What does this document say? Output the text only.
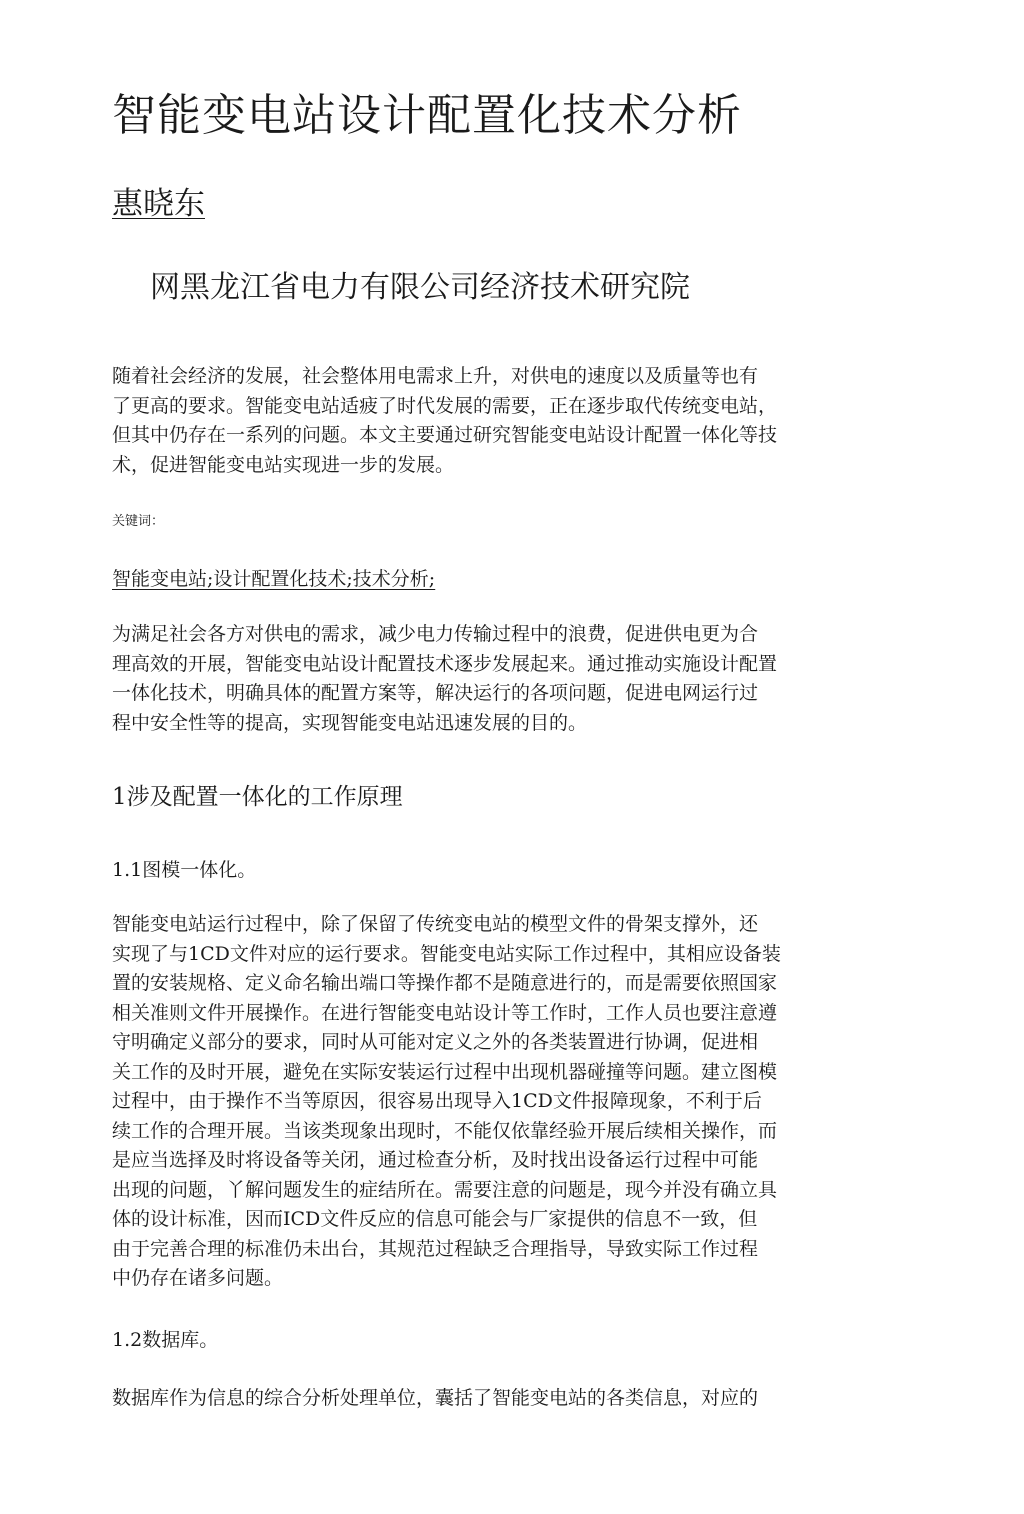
智能变电站设计配置化技术分析
惠晓东
网黑龙江省电力有限公司经济技术研究院

随着社会经济的发展，社会整体用电需求上升，对供电的速度以及质量等也有
了更高的要求。智能变电站适疲了时代发展的需要，正在逐步取代传统变电站，
但其中仍存在一系列的问题。本文主要通过研究智能变电站设计配置一体化等技
术，促进智能变电站实现进一步的发展。

关键词：
智能变电站;设计配置化技术;技术分析;

为满足社会各方对供电的需求，减少电力传输过程中的浪费，促进供电更为合
理高效的开展，智能变电站设计配置技术逐步发展起来。通过推动实施设计配置
一体化技术，明确具体的配置方案等，解决运行的各项问题，促进电网运行过
程中安全性等的提高，实现智能变电站迅速发展的目的。

1涉及配置一体化的工作原理
1.1图模一体化。

智能变电站运行过程中，除了保留了传统变电站的模型文件的骨架支撑外，还
实现了与1CD文件对应的运行要求。智能变电站实际工作过程中，其相应设备装
置的安装规格、定义命名输出端口等操作都不是随意进行的，而是需要依照国家
相关准则文件开展操作。在进行智能变电站设计等工作时，工作人员也要注意遵
守明确定义部分的要求，同时从可能对定义之外的各类装置进行协调，促进相
关工作的及时开展，避免在实际安装运行过程中出现机器碰撞等问题。建立图模
过程中，由于操作不当等原因，很容易出现导入1CD文件报障现象，不利于后
续工作的合理开展。当该类现象出现时，不能仅依靠经验开展后续相关操作，而
是应当选择及时将设备等关闭，通过检查分析，及时找出设备运行过程中可能
出现的问题，丫解问题发生的症结所在。需要注意的问题是，现今并没有确立具
体的设计标准，因而ICD文件反应的信息可能会与厂家提供的信息不一致，但
由于完善合理的标准仍未出台，其规范过程缺乏合理指导，导致实际工作过程
中仍存在诸多问题。

1.2数据库。

数据库作为信息的综合分析处理单位，囊括了智能变电站的各类信息，对应的
